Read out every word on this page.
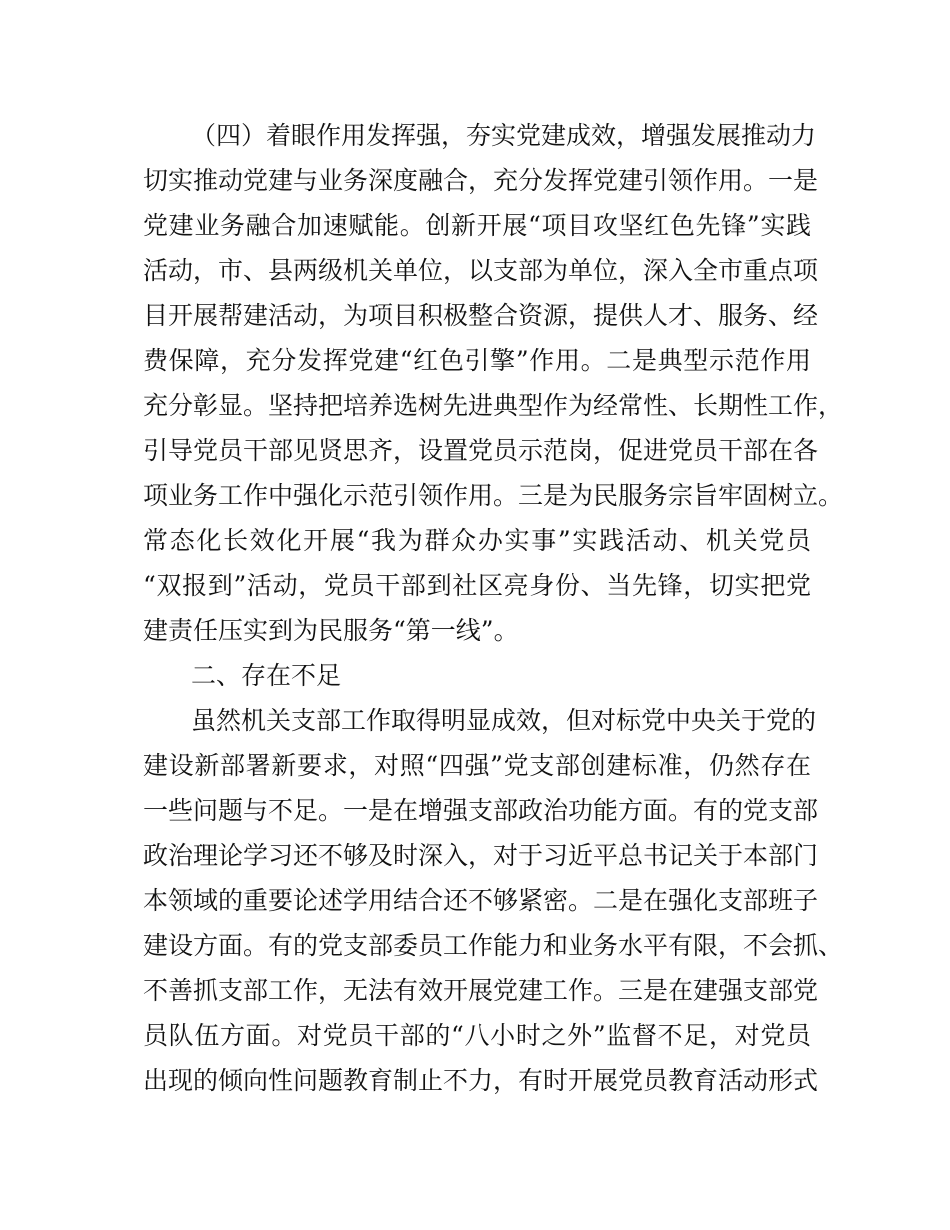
（四）着眼作用发挥强，夯实党建成效，增强发展推动力
切实推动党建与业务深度融合，充分发挥党建引领作用。一是
党建业务融合加速赋能。创新开展“项目攻坚红色先锋”实践
活动，市、县两级机关单位，以支部为单位，深入全市重点项
目开展帮建活动，为项目积极整合资源，提供人才、服务、经
费保障，充分发挥党建“红色引擎”作用。二是典型示范作用
充分彰显。坚持把培养选树先进典型作为经常性、长期性工作，
引导党员干部见贤思齐，设置党员示范岗，促进党员干部在各
项业务工作中强化示范引领作用。三是为民服务宗旨牢固树立。
常态化长效化开展“我为群众办实事”实践活动、机关党员
“双报到”活动，党员干部到社区亮身份、当先锋，切实把党
建责任压实到为民服务“第一线”。
二、存在不足
虽然机关支部工作取得明显成效，但对标党中央关于党的
建设新部署新要求，对照“四强”党支部创建标准，仍然存在
一些问题与不足。一是在增强支部政治功能方面。有的党支部
政治理论学习还不够及时深入，对于习近平总书记关于本部门
本领域的重要论述学用结合还不够紧密。二是在强化支部班子
建设方面。有的党支部委员工作能力和业务水平有限，不会抓、
不善抓支部工作，无法有效开展党建工作。三是在建强支部党
员队伍方面。对党员干部的“八小时之外”监督不足，对党员
出现的倾向性问题教育制止不力，有时开展党员教育活动形式
